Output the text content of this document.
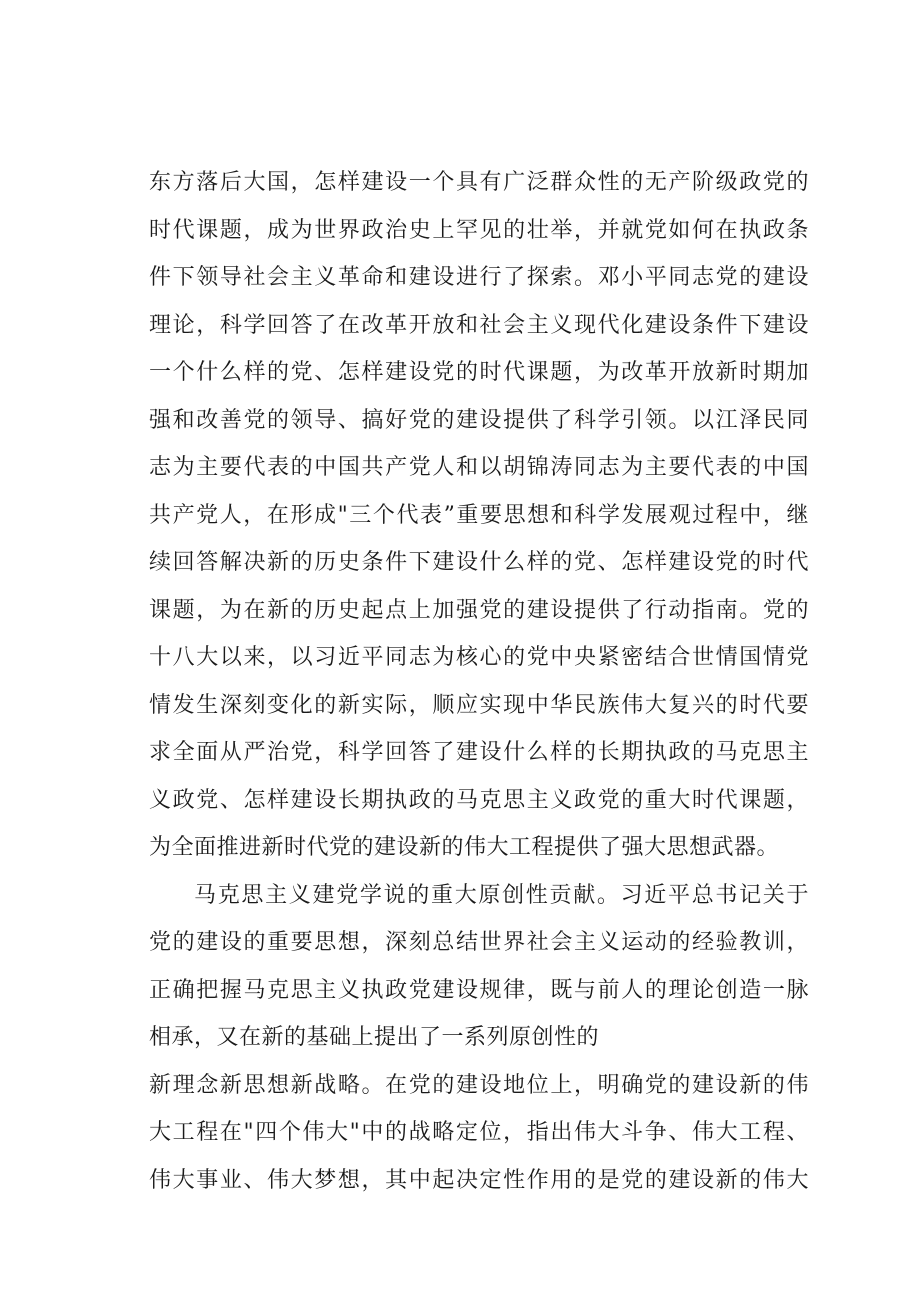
东方落后大国，怎样建设一个具有广泛群众性的无产阶级政党的
时代课题，成为世界政治史上罕见的壮举，并就党如何在执政条
件下领导社会主义革命和建设进行了探索。邓小平同志党的建设
理论，科学回答了在改革开放和社会主义现代化建设条件下建设
一个什么样的党、怎样建设党的时代课题，为改革开放新时期加
强和改善党的领导、搞好党的建设提供了科学引领。以江泽民同
志为主要代表的中国共产党人和以胡锦涛同志为主要代表的中国
共产党人，在形成"三个代表”重要思想和科学发展观过程中，继
续回答解决新的历史条件下建设什么样的党、怎样建设党的时代
课题，为在新的历史起点上加强党的建设提供了行动指南。党的
十八大以来，以习近平同志为核心的党中央紧密结合世情国情党
情发生深刻变化的新实际，顺应实现中华民族伟大复兴的时代要
求全面从严治党，科学回答了建设什么样的长期执政的马克思主
义政党、怎样建设长期执政的马克思主义政党的重大时代课题，
为全面推进新时代党的建设新的伟大工程提供了强大思想武器。
马克思主义建党学说的重大原创性贡献。习近平总书记关于
党的建设的重要思想，深刻总结世界社会主义运动的经验教训，
正确把握马克思主义执政党建设规律，既与前人的理论创造一脉
相承，又在新的基础上提出了一系列原创性的
新理念新思想新战略。在党的建设地位上，明确党的建设新的伟
大工程在"四个伟大"中的战略定位，指出伟大斗争、伟大工程、
伟大事业、伟大梦想，其中起决定性作用的是党的建设新的伟大
